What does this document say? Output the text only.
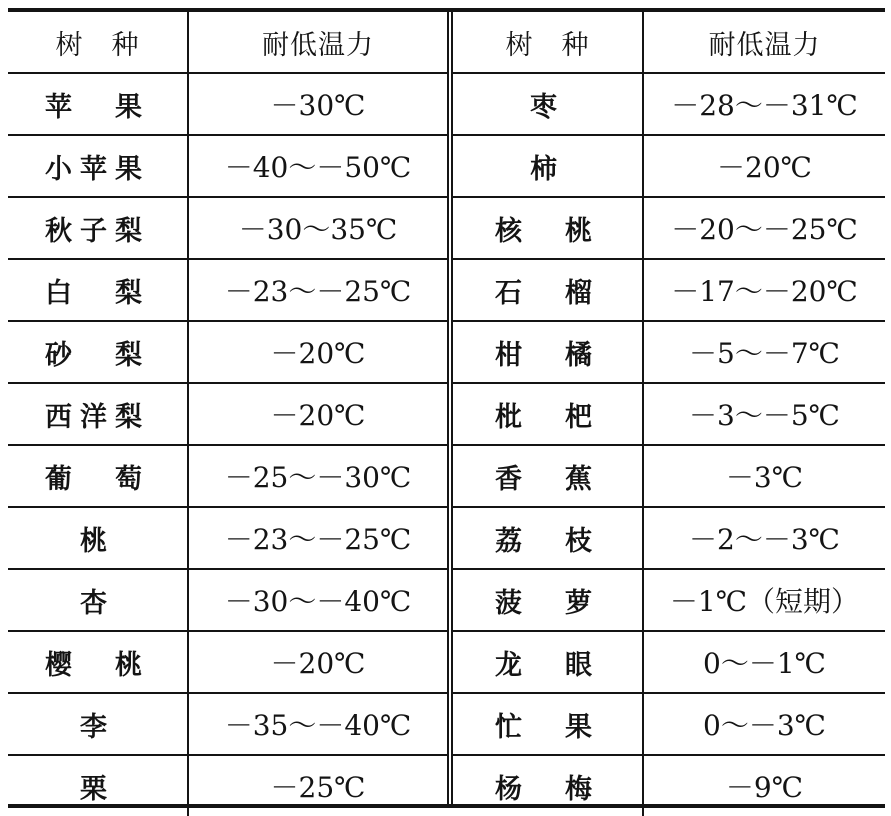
树　种	耐低温力
苹　果	－30℃
小苹果	－40～－50℃
秋子梨	－30～35℃
白　梨	－23～－25℃
砂　梨	－20℃
西洋梨	－20℃
葡　萄	－25～－30℃
桃	－23～－25℃
杏	－30～－40℃
樱　桃	－20℃
李	－35～－40℃
栗	－25℃
树　种	耐低温力
枣	－28～－31℃
柿	－20℃
核　桃	－20～－25℃
石　榴	－17～－20℃
柑　橘	－5～－7℃
枇　杷	－3～－5℃
香　蕉	－3℃
荔　枝	－2～－3℃
菠　萝	－1℃（短期）
龙　眼	0～－1℃
忙　果	0～－3℃
杨　梅	－9℃
